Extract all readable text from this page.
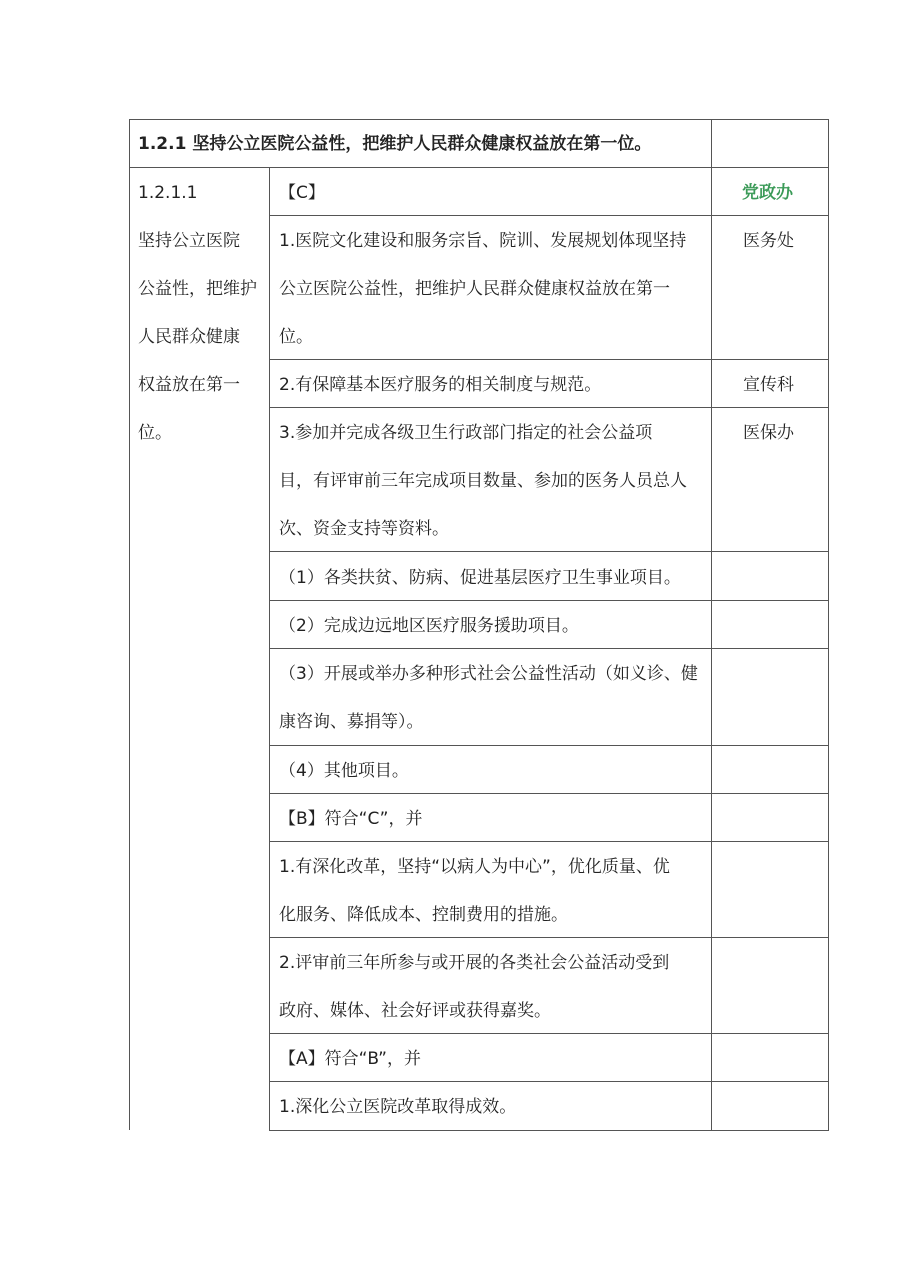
1.2.1 坚持公立医院公益性，把维护人民群众健康权益放在第一位。
1.2.1.1
坚持公立医院
公益性，把维护
人民群众健康
权益放在第一
位。
【C】	党政办
1.医院文化建设和服务宗旨、院训、发展规划体现坚持
公立医院公益性，把维护人民群众健康权益放在第一
位。
医务处
2.有保障基本医疗服务的相关制度与规范。	宣传科
3.参加并完成各级卫生行政部门指定的社会公益项
目，有评审前三年完成项目数量、参加的医务人员总人
次、资金支持等资料。
医保办
（1）各类扶贫、防病、促进基层医疗卫生事业项目。
（2）完成边远地区医疗服务援助项目。
（3）开展或举办多种形式社会公益性活动（如义诊、健
康咨询、募捐等）。
（4）其他项目。
【B】符合“C”，并
1.有深化改革，坚持“以病人为中心”，优化质量、优
化服务、降低成本、控制费用的措施。
2.评审前三年所参与或开展的各类社会公益活动受到
政府、媒体、社会好评或获得嘉奖。
【A】符合“B”，并
1.深化公立医院改革取得成效。
